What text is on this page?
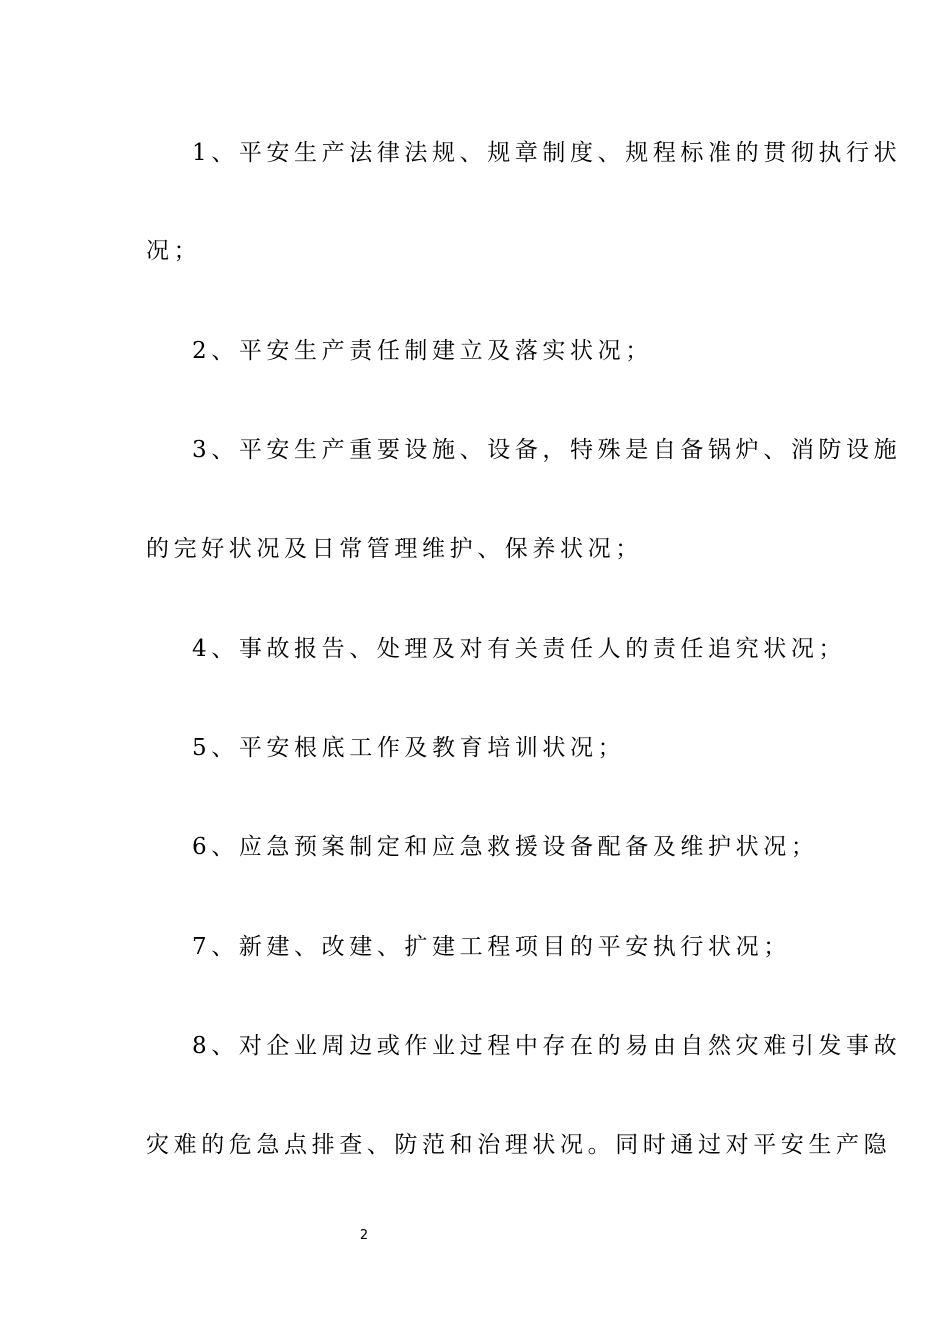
1、平安生产法律法规、规章制度、规程标准的贯彻执行状
况；
2、平安生产责任制建立及落实状况；
3、平安生产重要设施、设备，特殊是自备锅炉、消防设施
的完好状况及日常管理维护、保养状况；
4、事故报告、处理及对有关责任人的责任追究状况；
5、平安根底工作及教育培训状况；
6、应急预案制定和应急救援设备配备及维护状况；
7、新建、改建、扩建工程项目的平安执行状况；
8、对企业周边或作业过程中存在的易由自然灾难引发事故
灾难的危急点排查、防范和治理状况。同时通过对平安生产隐
2
